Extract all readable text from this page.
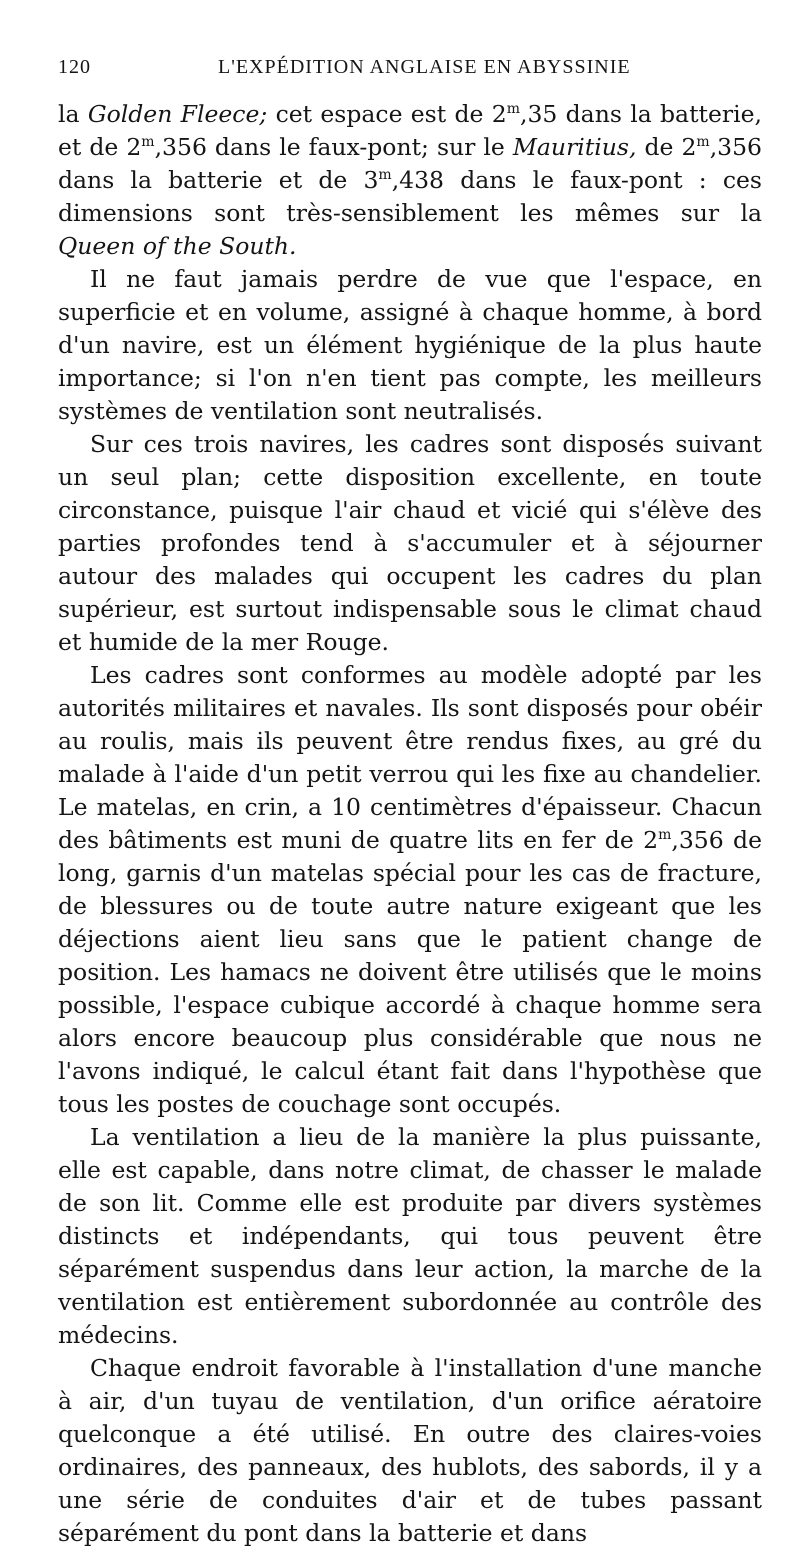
120	L'EXPÉDITION ANGLAISE EN ABYSSINIE

la Golden Fleece; cet espace est de 2$^m$,35 dans la batterie, et de 2$^m$,356 dans le faux-pont; sur le Mauritius, de 2$^m$,356 dans la batterie et de 3$^m$,438 dans le faux-pont : ces dimensions sont très-sensiblement les mêmes sur la Queen of the South.

Il ne faut jamais perdre de vue que l'espace, en superficie et en volume, assigné à chaque homme, à bord d'un navire, est un élément hygiénique de la plus haute importance; si l'on n'en tient pas compte, les meilleurs systèmes de ventilation sont neutralisés.

Sur ces trois navires, les cadres sont disposés suivant un seul plan; cette disposition excellente, en toute circonstance, puisque l'air chaud et vicié qui s'élève des parties profondes tend à s'accumuler et à séjourner autour des malades qui occupent les cadres du plan supérieur, est surtout indispensable sous le climat chaud et humide de la mer Rouge.

Les cadres sont conformes au modèle adopté par les autorités militaires et navales. Ils sont disposés pour obéir au roulis, mais ils peuvent être rendus fixes, au gré du malade à l'aide d'un petit verrou qui les fixe au chandelier. Le matelas, en crin, a 10 centimètres d'épaisseur. Chacun des bâtiments est muni de quatre lits en fer de 2$^m$,356 de long, garnis d'un matelas spécial pour les cas de fracture, de blessures ou de toute autre nature exigeant que les déjections aient lieu sans que le patient change de position. Les hamacs ne doivent être utilisés que le moins possible, l'espace cubique accordé à chaque homme sera alors encore beaucoup plus considérable que nous ne l'avons indiqué, le calcul étant fait dans l'hypothèse que tous les postes de couchage sont occupés.

La ventilation a lieu de la manière la plus puissante, elle est capable, dans notre climat, de chasser le malade de son lit. Comme elle est produite par divers systèmes distincts et indépendants, qui tous peuvent être séparément suspendus dans leur action, la marche de la ventilation est entièrement subordonnée au contrôle des médecins.

Chaque endroit favorable à l'installation d'une manche à air, d'un tuyau de ventilation, d'un orifice aératoire quelconque a été utilisé. En outre des claires-voies ordinaires, des panneaux, des hublots, des sabords, il y a une série de conduites d'air et de tubes passant séparément du pont dans la batterie et dans
